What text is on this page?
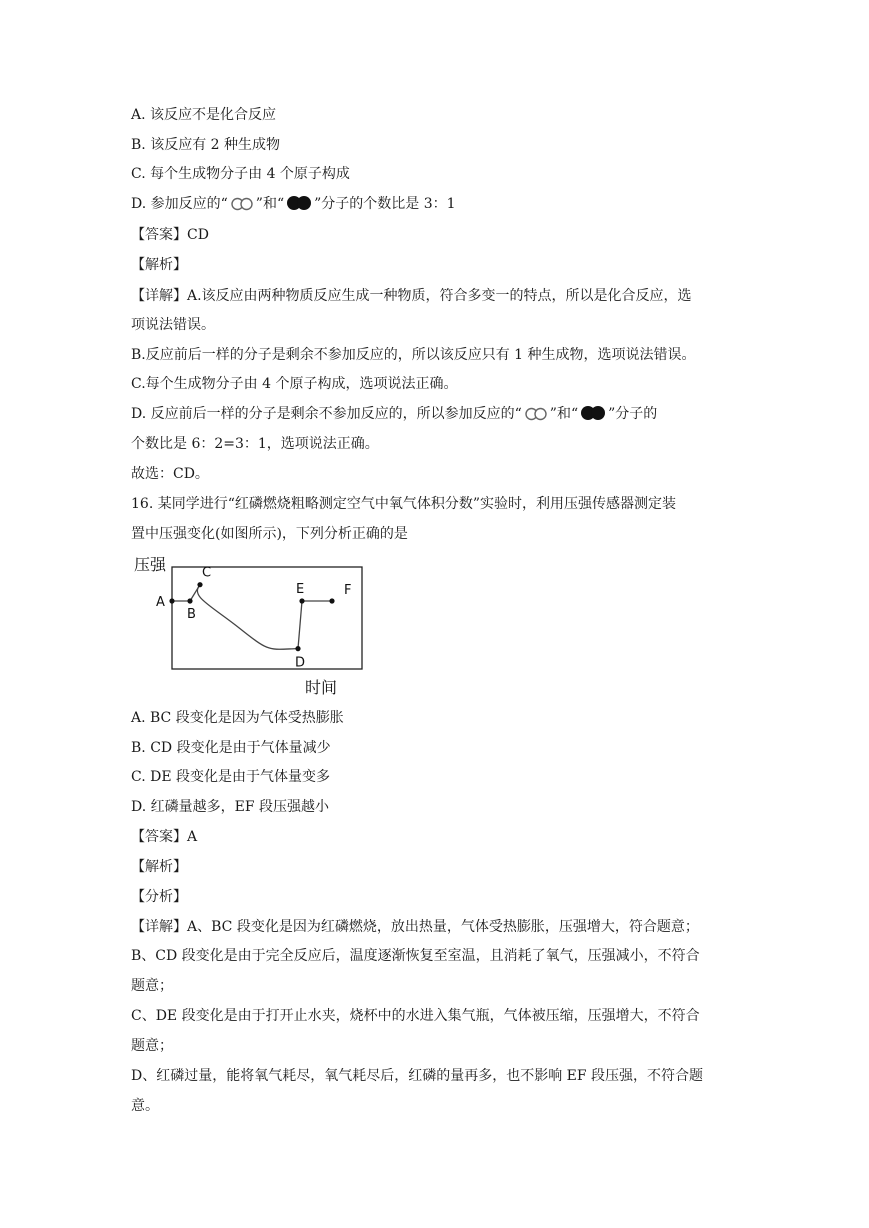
A. 该反应不是化合反应
B. 该反应有 2 种生成物
C. 每个生成物分子由 4 个原子构成
D. 参加反应的“ ”和“ ”分子的个数比是 3：1
【答案】CD
【解析】
【详解】A.该反应由两种物质反应生成一种物质，符合多变一的特点，所以是化合反应，选
项说法错误。
B.反应前后一样的分子是剩余不参加反应的，所以该反应只有 1 种生成物，选项说法错误。
C.每个生成物分子由 4 个原子构成，选项说法正确。
D. 反应前后一样的分子是剩余不参加反应的，所以参加反应的“ ”和“ ”分子的
个数比是 6：2=3：1，选项说法正确。
故选：CD。
16. 某同学进行“红磷燃烧粗略测定空气中氧气体积分数”实验时，利用压强传感器测定装
置中压强变化(如图所示)，下列分析正确的是
压强
时间
A
B
C
D
E	F
A. BC 段变化是因为气体受热膨胀
B. CD 段变化是由于气体量减少
C. DE 段变化是由于气体量变多
D. 红磷量越多，EF 段压强越小
【答案】A
【解析】
【分析】
【详解】A、BC 段变化是因为红磷燃烧，放出热量，气体受热膨胀，压强增大，符合题意；
B、CD 段变化是由于完全反应后，温度逐渐恢复至室温，且消耗了氧气，压强减小，不符合
题意；
C、DE 段变化是由于打开止水夹，烧杯中的水进入集气瓶，气体被压缩，压强增大，不符合
题意；
D、红磷过量，能将氧气耗尽，氧气耗尽后，红磷的量再多，也不影响 EF 段压强，不符合题
意。
